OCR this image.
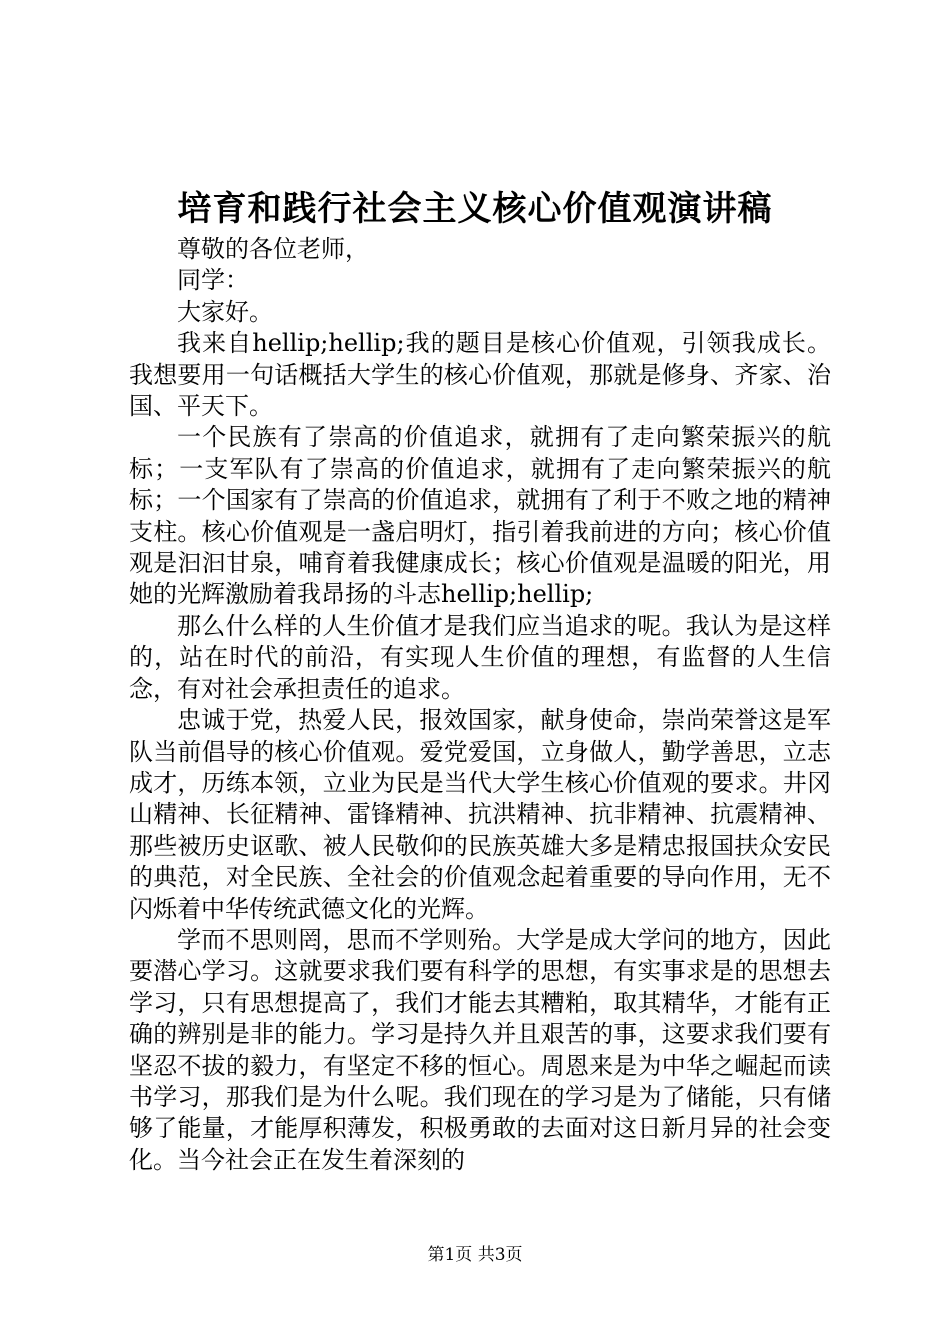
培育和践行社会主义核心价值观演讲稿

尊敬的各位老师，

同学：

大家好。

我来自hellip;hellip;我的题目是核心价值观，引领我成长。我想要用一句话概括大学生的核心价值观，那就是修身、齐家、治国、平天下。

一个民族有了崇高的价值追求，就拥有了走向繁荣振兴的航标；一支军队有了崇高的价值追求，就拥有了走向繁荣振兴的航标；一个国家有了崇高的价值追求，就拥有了利于不败之地的精神支柱。核心价值观是一盏启明灯，指引着我前进的方向；核心价值观是汩汩甘泉，哺育着我健康成长；核心价值观是温暖的阳光，用她的光辉激励着我昂扬的斗志hellip;hellip;

那么什么样的人生价值才是我们应当追求的呢。我认为是这样的，站在时代的前沿，有实现人生价值的理想，有监督的人生信念，有对社会承担责任的追求。

忠诚于党，热爱人民，报效国家，献身使命，崇尚荣誉这是军队当前倡导的核心价值观。爱党爱国，立身做人，勤学善思，立志成才，历练本领，立业为民是当代大学生核心价值观的要求。井冈山精神、长征精神、雷锋精神、抗洪精神、抗非精神、抗震精神、那些被历史讴歌、被人民敬仰的民族英雄大多是精忠报国扶众安民的典范，对全民族、全社会的价值观念起着重要的导向作用，无不闪烁着中华传统武德文化的光辉。

学而不思则罔，思而不学则殆。大学是成大学问的地方，因此要潜心学习。这就要求我们要有科学的思想，有实事求是的思想去学习，只有思想提高了，我们才能去其糟粕，取其精华，才能有正确的辨别是非的能力。学习是持久并且艰苦的事，这要求我们要有坚忍不拔的毅力，有坚定不移的恒心。周恩来是为中华之崛起而读书学习，那我们是为什么呢。我们现在的学习是为了储能，只有储够了能量，才能厚积薄发，积极勇敢的去面对这日新月异的社会变化。当今社会正在发生着深刻的

第1页 共3页
